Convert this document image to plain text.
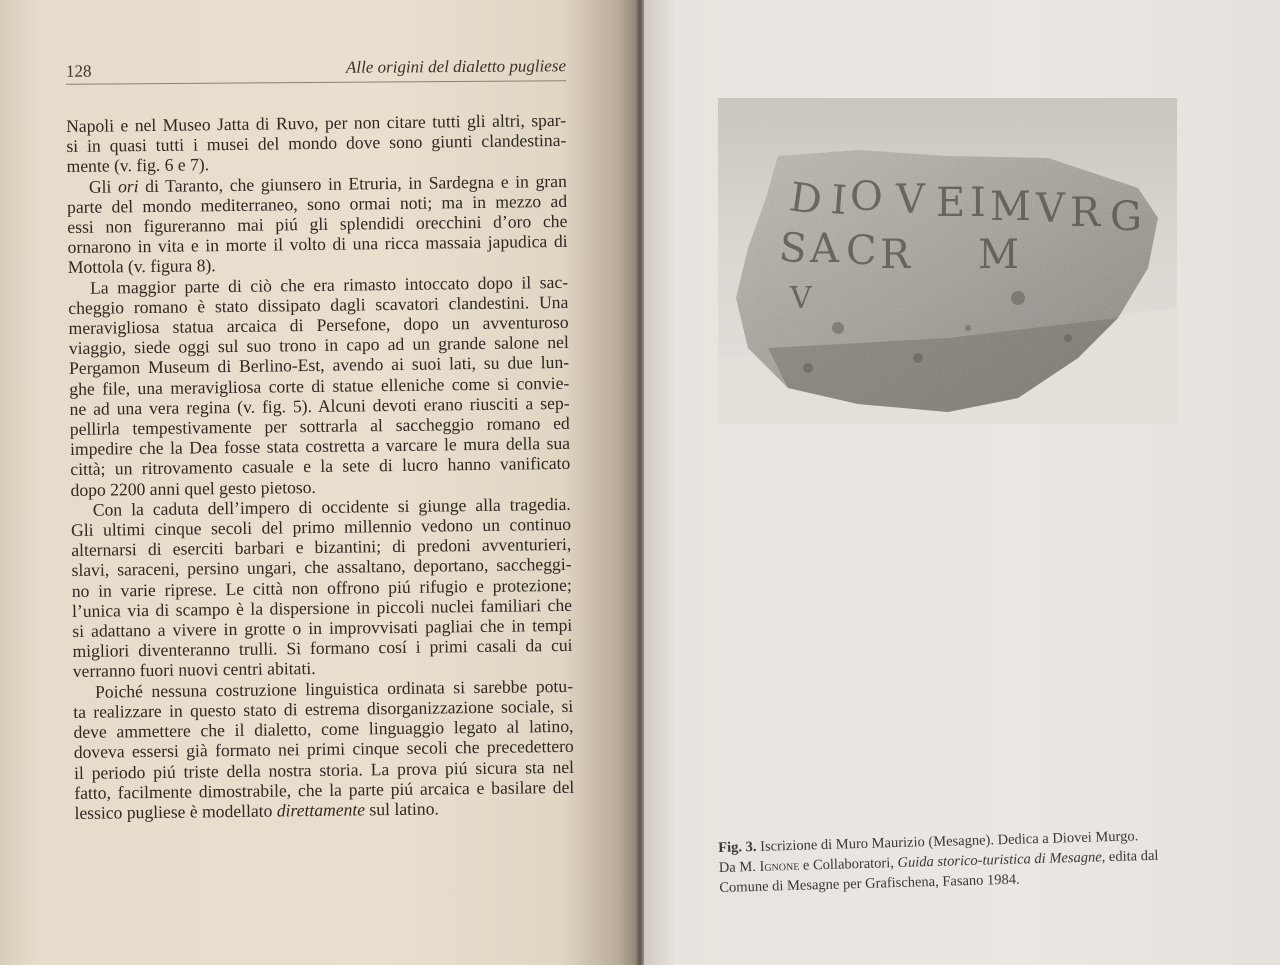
128	Alle origini del dialetto pugliese
Napoli e nel Museo Jatta di Ruvo, per non citare tutti gli altri, spar-
si in quasi tutti i musei del mondo dove sono giunti clandestina-
mente (v. fig. 6 e 7).
Gli ori di Taranto, che giunsero in Etruria, in Sardegna e in gran
parte del mondo mediterraneo, sono ormai noti; ma in mezzo ad
essi non figureranno mai piú gli splendidi orecchini d’oro che
ornarono in vita e in morte il volto di una ricca massaia japudica di
Mottola (v. figura 8).
La maggior parte di ciò che era rimasto intoccato dopo il sac-
cheggio romano è stato dissipato dagli scavatori clandestini. Una
meravigliosa statua arcaica di Persefone, dopo un avventuroso
viaggio, siede oggi sul suo trono in capo ad un grande salone nel
Pergamon Museum di Berlino-Est, avendo ai suoi lati, su due lun-
ghe file, una meravigliosa corte di statue elleniche come si convie-
ne ad una vera regina (v. fig. 5). Alcuni devoti erano riusciti a sep-
pellirla tempestivamente per sottrarla al saccheggio romano ed
impedire che la Dea fosse stata costretta a varcare le mura della sua
città; un ritrovamento casuale e la sete di lucro hanno vanificato
dopo 2200 anni quel gesto pietoso.
Con la caduta dell’impero di occidente si giunge alla tragedia.
Gli ultimi cinque secoli del primo millennio vedono un continuo
alternarsi di eserciti barbari e bizantini; di predoni avventurieri,
slavi, saraceni, persino ungari, che assaltano, deportano, saccheggi-
no in varie riprese. Le città non offrono piú rifugio e protezione;
l’unica via di scampo è la dispersione in piccoli nuclei familiari che
si adattano a vivere in grotte o in improvvisati pagliai che in tempi
migliori diventeranno trulli. Si formano cosí i primi casali da cui
verranno fuori nuovi centri abitati.
Poiché nessuna costruzione linguistica ordinata si sarebbe potu-
ta realizzare in questo stato di estrema disorganizzazione sociale, si
deve ammettere che il dialetto, come linguaggio legato al latino,
doveva essersi già formato nei primi cinque secoli che precedettero
il periodo piú triste della nostra storia. La prova piú sicura sta nel
fatto, facilmente dimostrabile, che la parte piú arcaica e basilare del
lessico pugliese è modellato direttamente sul latino.
D I O V E I M V R G
S A C R M
V
Fig. 3. Iscrizione di Muro Maurizio (Mesagne). Dedica a Diovei Murgo.
Da M. Ignone e Collaboratori, Guida storico-turistica di Mesagne, edita dal
Comune di Mesagne per Grafischena, Fasano 1984.
